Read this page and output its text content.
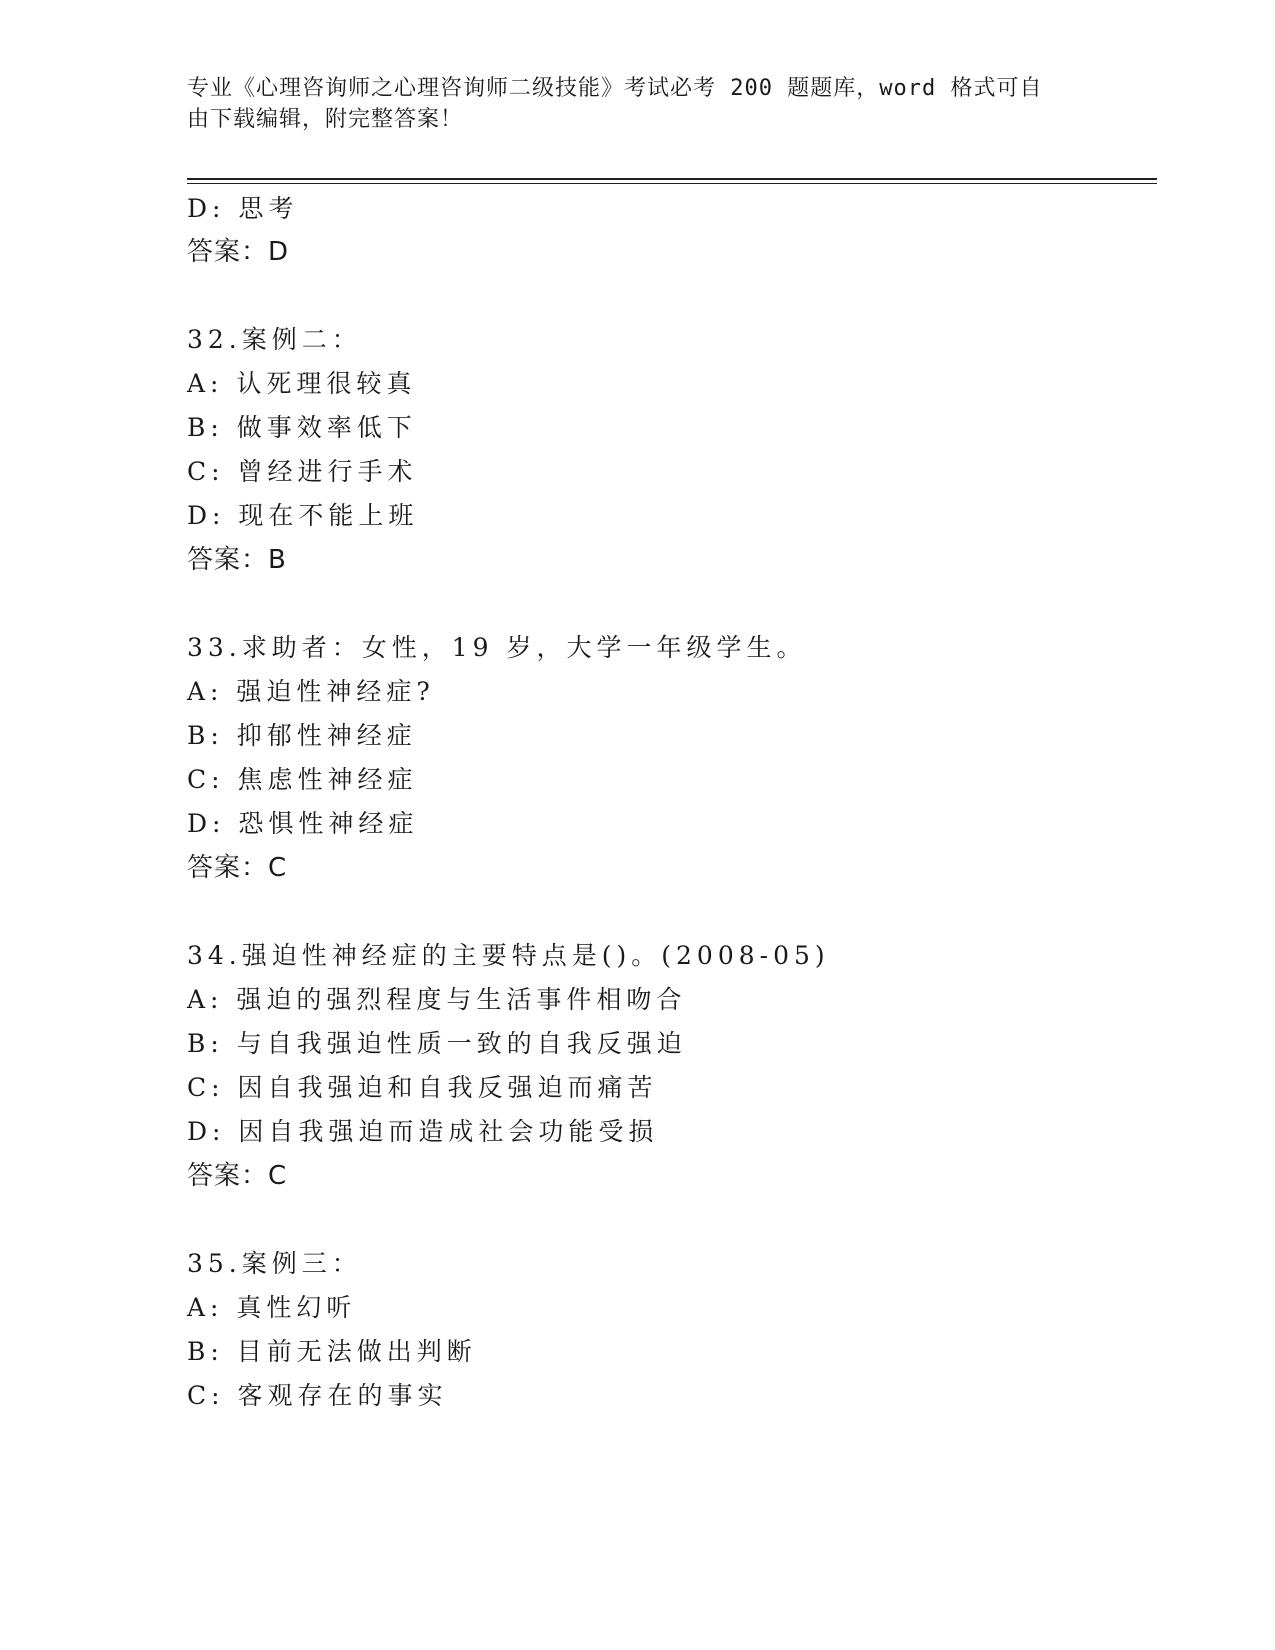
专业《心理咨询师之心理咨询师二级技能》考试必考 200 题题库，word 格式可自
由下载编辑，附完整答案！
D: 思考
答案：D
32.案例二：
A: 认死理很较真
B: 做事效率低下
C: 曾经进行手术
D: 现在不能上班
答案：B
33.求助者：女性，19 岁，大学一年级学生。
A: 强迫性神经症?
B: 抑郁性神经症
C: 焦虑性神经症
D: 恐惧性神经症
答案：C
34.强迫性神经症的主要特点是()。(2008-05)
A: 强迫的强烈程度与生活事件相吻合
B: 与自我强迫性质一致的自我反强迫
C: 因自我强迫和自我反强迫而痛苦
D: 因自我强迫而造成社会功能受损
答案：C
35.案例三：
A: 真性幻听
B: 目前无法做出判断
C: 客观存在的事实
